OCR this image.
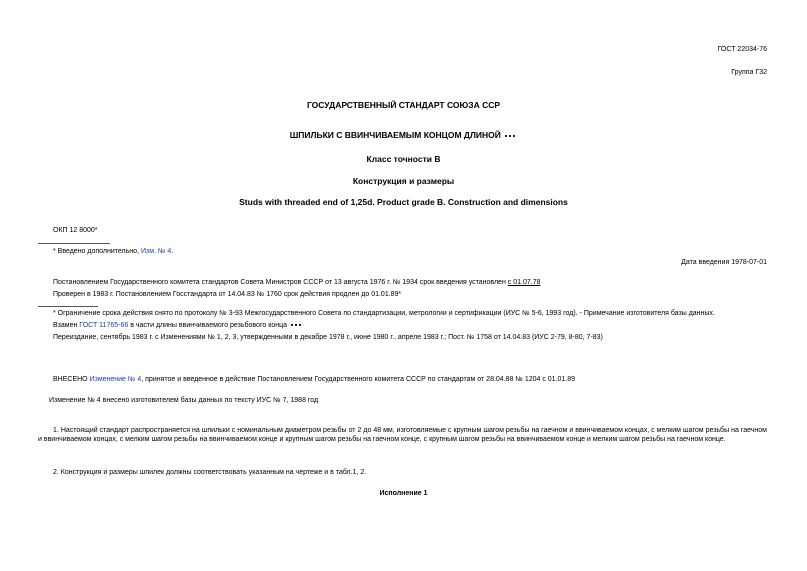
ГОСТ 22034-76
Группа Г32
ГОСУДАРСТВЕННЫЙ СТАНДАРТ СОЮЗА ССР
ШПИЛЬКИ С ВВИНЧИВАЕМЫМ КОНЦОМ ДЛИНОЙ
Класс точности В
Конструкция и размеры
Studs with threaded end of 1,25d. Product grade B. Construction and dimensions
ОКП 12 8000*
* Введено дополнительно, Изм. № 4.
Дата введения 1978-07-01
Постановлением Государственного комитета стандартов Совета Министров СССР от 13 августа 1976 г. № 1934 срок введения установлен с 01.07.78
Проверен в 1983 г. Постановлением Госстандарта от 14.04.83 № 1760 срок действия продлен до 01.01.89*
* Ограничение срока действия снято по протоколу № 3-93 Межгосударственного Совета по стандартизации, метрологии и сертификации (ИУС № 5-6, 1993 год). - Примечание изготовителя базы данных.
Взамен ГОСТ 11765-66 в части длины ввинчиваемого резьбового конца
Переиздание, сентябрь 1983 г. с Изменениями № 1, 2, 3, утвержденными в декабре 1978 г., июне 1980 г., апреле 1983 г.; Пост. № 1758 от 14.04.83 (ИУС 2-79, 8-80, 7-83)
ВНЕСЕНО Изменение № 4, принятое и введенное в действие Постановлением Государственного комитета СССР по стандартам от 28.04.88 № 1204 с 01.01.89
Изменение № 4 внесено изготовителем базы данных по тексту ИУС № 7, 1988 год
1. Настоящий стандарт распространяется на шпильки с номинальным диаметром резьбы от 2 до 48 мм, изготовляемые с крупным шагом резьбы на гаечном и ввинчиваемом концах, с мелким шагом резьбы на гаечном и ввинчиваемом концах, с мелким шагом резьбы на ввинчиваемом конце и крупным шагом резьбы на гаечном конце, с крупным шагом резьбы на ввинчиваемом конце и мелким шагом резьбы на гаечном конце.
2. Конструкция и размеры шпилек должны соответствовать указанным на чертеже и в табл.1, 2.
Исполнение 1
